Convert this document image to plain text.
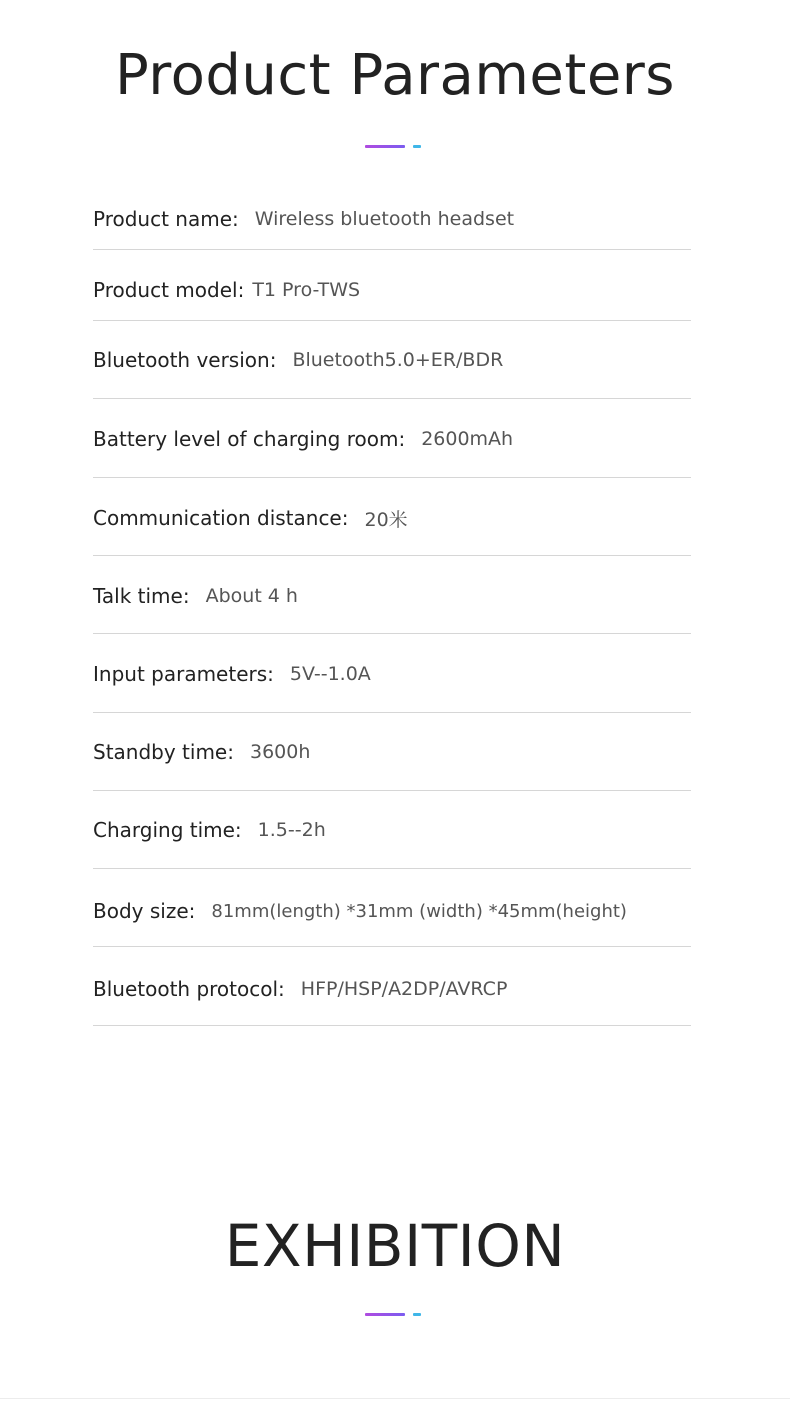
Product Parameters
Product name: Wireless bluetooth headset
Product model: T1 Pro-TWS
Bluetooth version: Bluetooth5.0+ER/BDR
Battery level of charging room: 2600mAh
Communication distance: 20米
Talk time: About 4 h
Input parameters: 5V--1.0A
Standby time: 3600h
Charging time: 1.5--2h
Body size: 81mm(length) *31mm (width) *45mm(height)
Bluetooth protocol: HFP/HSP/A2DP/AVRCP
EXHIBITION
